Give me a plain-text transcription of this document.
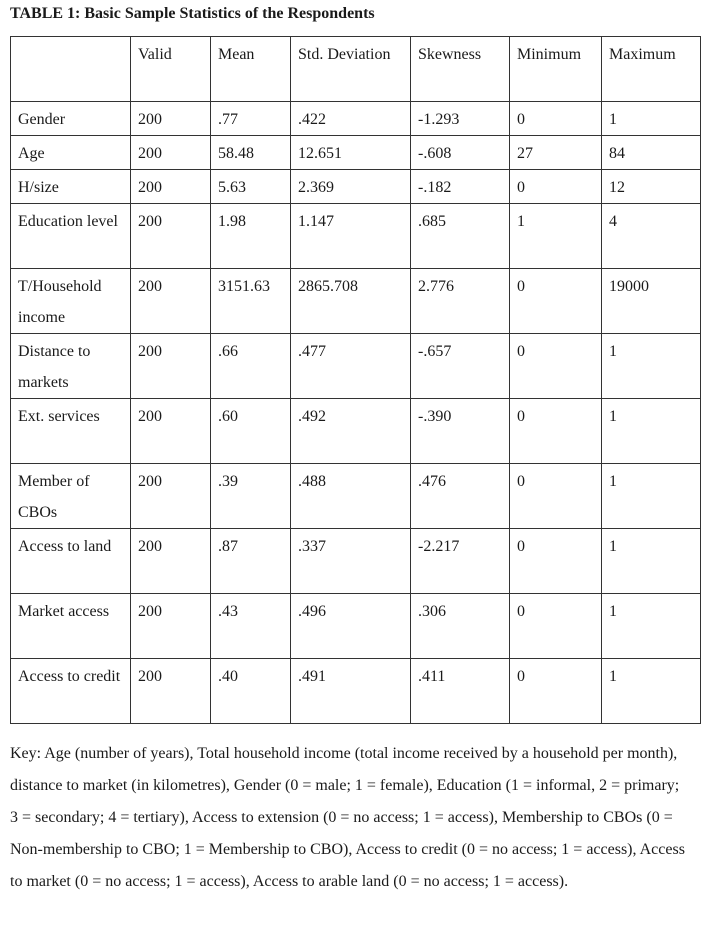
TABLE 1: Basic Sample Statistics of the Respondents
	Valid	Mean	Std. Deviation	Skewness	Minimum	Maximum
Gender	200	.77	.422	-1.293	0	1
Age	200	58.48	12.651	-.608	27	84
H/size	200	5.63	2.369	-.182	0	12
Education level	200	1.98	1.147	.685	1	4
T/Household income	200	3151.63	2865.708	2.776	0	19000
Distance to markets	200	.66	.477	-.657	0	1
Ext. services	200	.60	.492	-.390	0	1
Member of CBOs	200	.39	.488	.476	0	1
Access to land	200	.87	.337	-2.217	0	1
Market access	200	.43	.496	.306	0	1
Access to credit	200	.40	.491	.411	0	1
Key: Age (number of years), Total household income (total income received by a household per month), distance to market (in kilometres), Gender (0 = male; 1 = female), Education (1 = informal, 2 = primary; 3 = secondary; 4 = tertiary), Access to extension (0 = no access; 1 = access), Membership to CBOs (0 = Non-membership to CBO; 1 = Membership to CBO), Access to credit (0 = no access; 1 = access), Access to market (0 = no access; 1 = access), Access to arable land (0 = no access; 1 = access).
